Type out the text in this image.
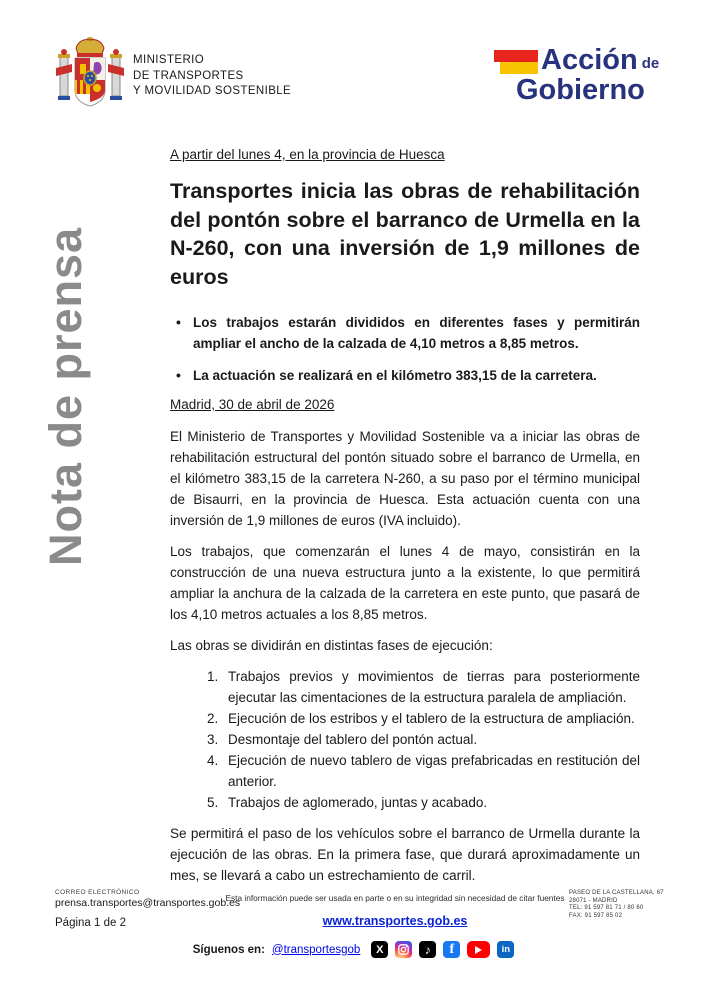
MINISTERIO
DE TRANSPORTES
Y MOVILIDAD SOSTENIBLE
Acción de
Gobierno
Nota de prensa
A partir del lunes 4, en la provincia de Huesca
Transportes inicia las obras de rehabilitación del pontón sobre el barranco de Urmella en la N-260, con una inversión de 1,9 millones de euros
• Los trabajos estarán divididos en diferentes fases y permitirán ampliar el ancho de la calzada de 4,10 metros a 8,85 metros.
• La actuación se realizará en el kilómetro 383,15 de la carretera.
Madrid, 30 de abril de 2026

El Ministerio de Transportes y Movilidad Sostenible va a iniciar las obras de rehabilitación estructural del pontón situado sobre el barranco de Urmella, en el kilómetro 383,15 de la carretera N-260, a su paso por el término municipal de Bisaurri, en la provincia de Huesca. Esta actuación cuenta con una inversión de 1,9 millones de euros (IVA incluido).

Los trabajos, que comenzarán el lunes 4 de mayo, consistirán en la construcción de una nueva estructura junto a la existente, lo que permitirá ampliar la anchura de la calzada de la carretera en este punto, que pasará de los 4,10 metros actuales a los 8,85 metros.

Las obras se dividirán en distintas fases de ejecución:

1. Trabajos previos y movimientos de tierras para posteriormente ejecutar las cimentaciones de la estructura paralela de ampliación.
2. Ejecución de los estribos y el tablero de la estructura de ampliación.
3. Desmontaje del tablero del pontón actual.
4. Ejecución de nuevo tablero de vigas prefabricadas en restitución del anterior.
5. Trabajos de aglomerado, juntas y acabado.

Se permitirá el paso de los vehículos sobre el barranco de Urmella durante la ejecución de las obras. En la primera fase, que durará aproximadamente un mes, se llevará a cabo un estrechamiento de carril.

CORREO ELECTRÓNICO
prensa.transportes@transportes.gob.es
Página 1 de 2
Esta información puede ser usada en parte o en su integridad sin necesidad de citar fuentes
www.transportes.gob.es
PASEO DE LA CASTELLANA, 67
28071 - MADRID
TEL: 91 597 81 71 / 80 60
FAX: 91 597 85 02
Síguenos en: @transportesgob	X	♪	f	in
